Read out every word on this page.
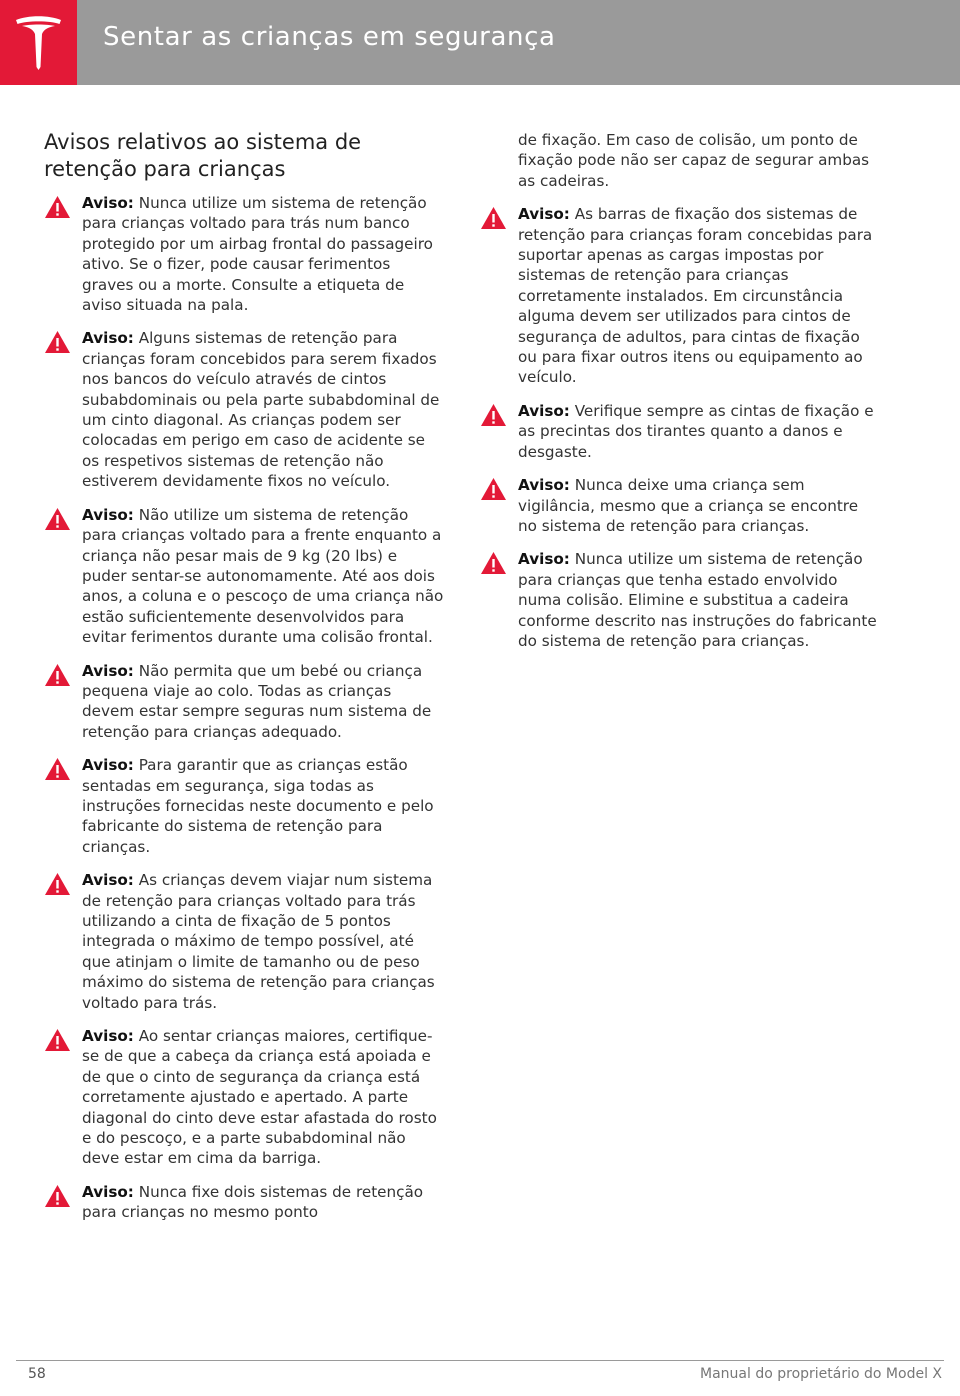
Sentar as crianças em segurança
Avisos relativos ao sistema de retenção para crianças
Aviso: Nunca utilize um sistema de retenção para crianças voltado para trás num banco protegido por um airbag frontal do passageiro ativo. Se o fizer, pode causar ferimentos graves ou a morte. Consulte a etiqueta de aviso situada na pala.
Aviso: Alguns sistemas de retenção para crianças foram concebidos para serem fixados nos bancos do veículo através de cintos subabdominais ou pela parte subabdominal de um cinto diagonal. As crianças podem ser colocadas em perigo em caso de acidente se os respetivos sistemas de retenção não estiverem devidamente fixos no veículo.
Aviso: Não utilize um sistema de retenção para crianças voltado para a frente enquanto a criança não pesar mais de 9 kg (20 lbs) e puder sentar-se autonomamente. Até aos dois anos, a coluna e o pescoço de uma criança não estão suficientemente desenvolvidos para evitar ferimentos durante uma colisão frontal.
Aviso: Não permita que um bebé ou criança pequena viaje ao colo. Todas as crianças devem estar sempre seguras num sistema de retenção para crianças adequado.
Aviso: Para garantir que as crianças estão sentadas em segurança, siga todas as instruções fornecidas neste documento e pelo fabricante do sistema de retenção para crianças.
Aviso: As crianças devem viajar num sistema de retenção para crianças voltado para trás utilizando a cinta de fixação de 5 pontos integrada o máximo de tempo possível, até que atinjam o limite de tamanho ou de peso máximo do sistema de retenção para crianças voltado para trás.
Aviso: Ao sentar crianças maiores, certifique-se de que a cabeça da criança está apoiada e de que o cinto de segurança da criança está corretamente ajustado e apertado. A parte diagonal do cinto deve estar afastada do rosto e do pescoço, e a parte subabdominal não deve estar em cima da barriga.
Aviso: Nunca fixe dois sistemas de retenção para crianças no mesmo ponto
de fixação. Em caso de colisão, um ponto de fixação pode não ser capaz de segurar ambas as cadeiras.
Aviso: As barras de fixação dos sistemas de retenção para crianças foram concebidas para suportar apenas as cargas impostas por sistemas de retenção para crianças corretamente instalados. Em circunstância alguma devem ser utilizados para cintos de segurança de adultos, para cintas de fixação ou para fixar outros itens ou equipamento ao veículo.
Aviso: Verifique sempre as cintas de fixação e as precintas dos tirantes quanto a danos e desgaste.
Aviso: Nunca deixe uma criança sem vigilância, mesmo que a criança se encontre no sistema de retenção para crianças.
Aviso: Nunca utilize um sistema de retenção para crianças que tenha estado envolvido numa colisão. Elimine e substitua a cadeira conforme descrito nas instruções do fabricante do sistema de retenção para crianças.
58	Manual do proprietário do Model X
